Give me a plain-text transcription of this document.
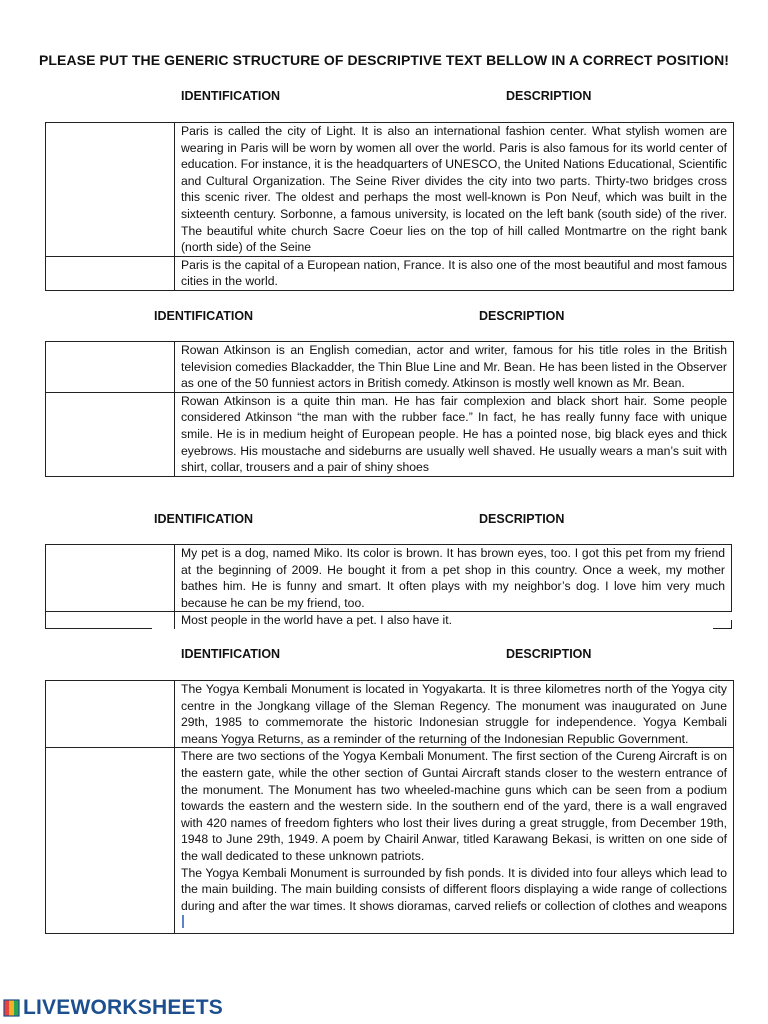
PLEASE PUT THE GENERIC STRUCTURE OF DESCRIPTIVE TEXT BELLOW IN A CORRECT POSITION!
IDENTIFICATION	DESCRIPTION
Paris is called the city of Light. It is also an international fashion center. What stylish women are wearing in Paris will be worn by women all over the world. Paris is also famous for its world center of education. For instance, it is the headquarters of UNESCO, the United Nations Educational, Scientific and Cultural Organization. The Seine River divides the city into two parts. Thirty-two bridges cross this scenic river. The oldest and perhaps the most well-known is Pon Neuf, which was built in the sixteenth century. Sorbonne, a famous university, is located on the left bank (south side) of the river. The beautiful white church Sacre Coeur lies on the top of hill called Montmartre on the right bank (north side) of the Seine
Paris is the capital of a European nation, France. It is also one of the most beautiful and most famous cities in the world.
IDENTIFICATION	DESCRIPTION
Rowan Atkinson is an English comedian, actor and writer, famous for his title roles in the British television comedies Blackadder, the Thin Blue Line and Mr. Bean. He has been listed in the Observer as one of the 50 funniest actors in British comedy. Atkinson is mostly well known as Mr. Bean.
Rowan Atkinson is a quite thin man. He has fair complexion and black short hair. Some people considered Atkinson “the man with the rubber face.” In fact, he has really funny face with unique smile. He is in medium height of European people. He has a pointed nose, big black eyes and thick eyebrows. His moustache and sideburns are usually well shaved. He usually wears a man’s suit with shirt, collar, trousers and a pair of shiny shoes
IDENTIFICATION	DESCRIPTION
My pet is a dog, named Miko. Its color is brown. It has brown eyes, too. I got this pet from my friend at the beginning of 2009. He bought it from a pet shop in this country. Once a week, my mother bathes him. He is funny and smart. It often plays with my neighbor’s dog. I love him very much because he can be my friend, too.
Most people in the world have a pet. I also have it.
IDENTIFICATION	DESCRIPTION
The Yogya Kembali Monument is located in Yogyakarta. It is three kilometres north of the Yogya city centre in the Jongkang village of the Sleman Regency. The monument was inaugurated on June 29th, 1985 to commemorate the historic Indonesian struggle for independence. Yogya Kembali means Yogya Returns, as a reminder of the returning of the Indonesian Republic Government.
There are two sections of the Yogya Kembali Monument. The first section of the Cureng Aircraft is on the eastern gate, while the other section of Guntai Aircraft stands closer to the western entrance of the monument. The Monument has two wheeled-machine guns which can be seen from a podium towards the eastern and the western side. In the southern end of the yard, there is a wall engraved with 420 names of freedom fighters who lost their lives during a great struggle, from December 19th, 1948 to June 29th, 1949. A poem by Chairil Anwar, titled Karawang Bekasi, is written on one side of the wall dedicated to these unknown patriots.
The Yogya Kembali Monument is surrounded by fish ponds. It is divided into four alleys which lead to the main building. The main building consists of different floors displaying a wide range of collections during and after the war times. It shows dioramas, carved reliefs or collection of clothes and weapons
LIVEWORKSHEETS
